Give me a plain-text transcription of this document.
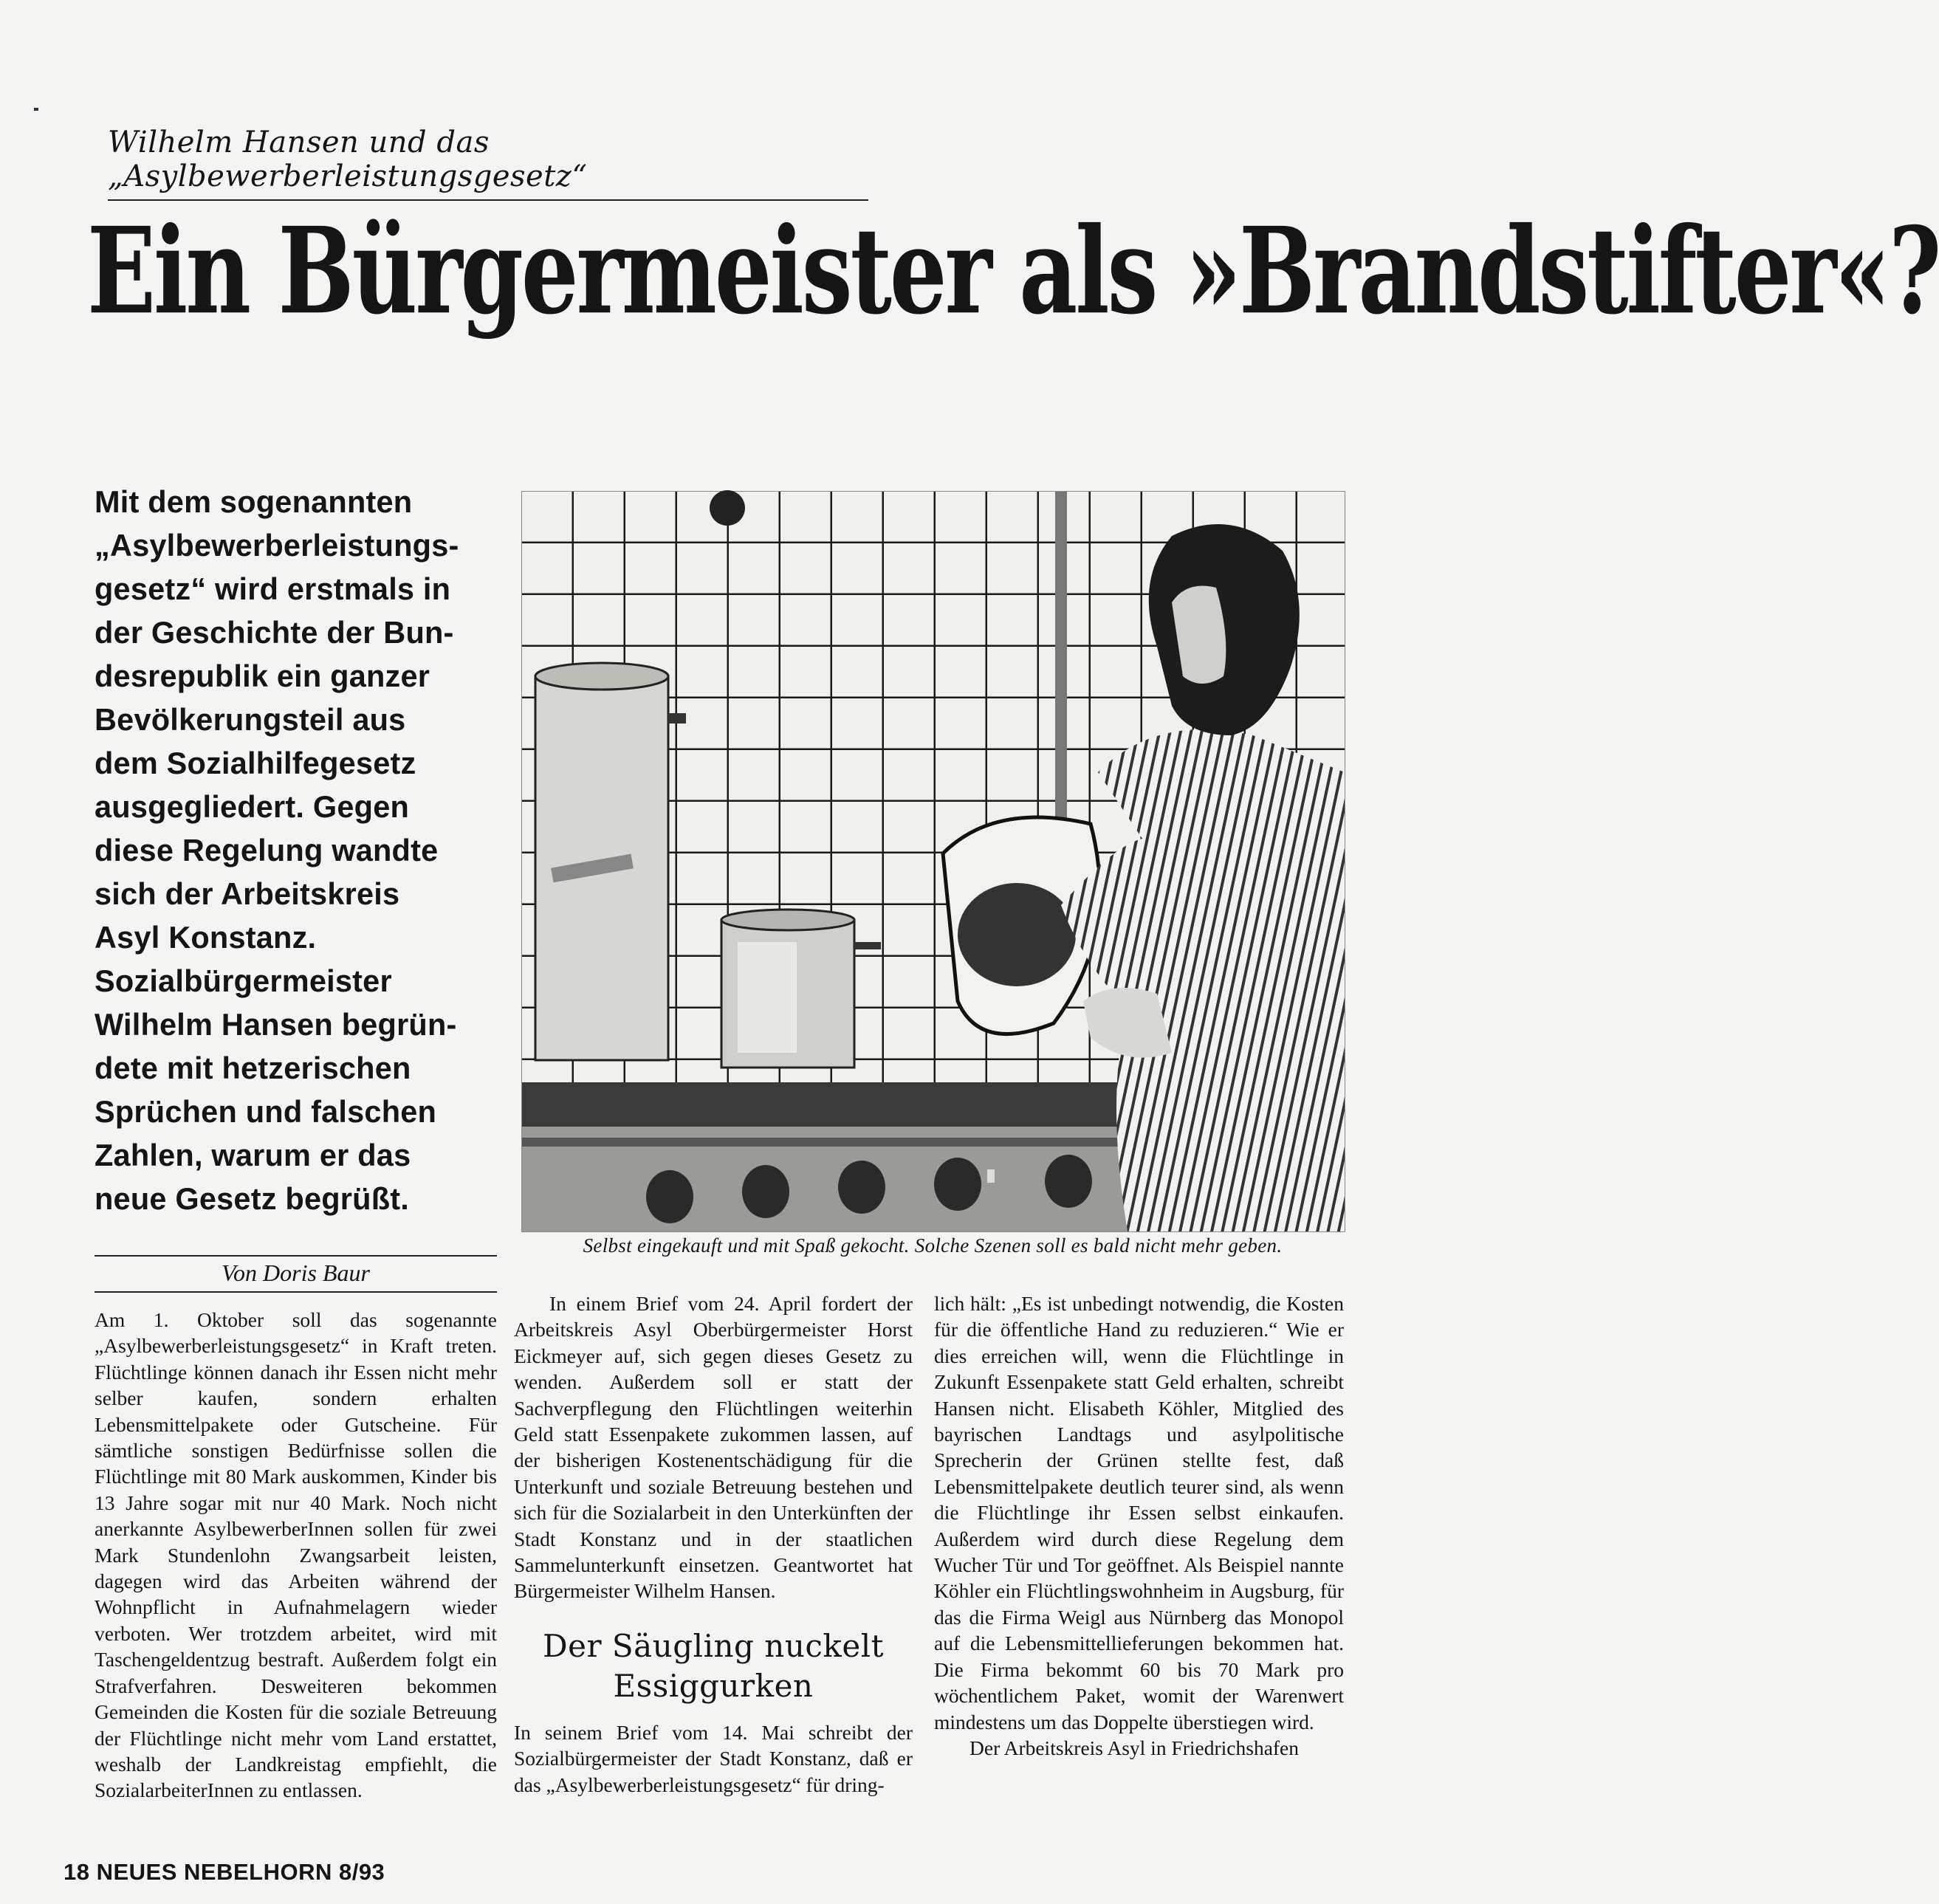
Wilhelm Hansen und das „Asylbewerberleistungsgesetz“
Ein Bürgermeister als »Brandstifter«?
Mit dem sogenannten
„Asylbewerberleistungs-
gesetz“ wird erstmals in
der Geschichte der Bun-
desrepublik ein ganzer
Bevölkerungsteil aus
dem Sozialhilfegesetz
ausgegliedert. Gegen
diese Regelung wandte
sich der Arbeitskreis
Asyl Konstanz.
Sozialbürgermeister
Wilhelm Hansen begrün-
dete mit hetzerischen
Sprüchen und falschen
Zahlen, warum er das
neue Gesetz begrüßt.
Selbst eingekauft und mit Spaß gekocht. Solche Szenen soll es bald nicht mehr geben.
Von Doris Baur

Am 1. Oktober soll das sogenannte „Asylbewerberleistungsgesetz“ in Kraft treten. Flüchtlinge können danach ihr Essen nicht mehr selber kaufen, sondern erhalten Lebensmittelpakete oder Gutscheine. Für sämtliche sonstigen Bedürfnisse sollen die Flüchtlinge mit 80 Mark auskommen, Kinder bis 13 Jahre sogar mit nur 40 Mark. Noch nicht anerkannte AsylbewerberInnen sollen für zwei Mark Stundenlohn Zwangsarbeit leisten, dagegen wird das Arbeiten während der Wohnpflicht in Aufnahmelagern wieder verboten. Wer trotzdem arbeitet, wird mit Taschengeldentzug bestraft. Außerdem folgt ein Strafverfahren. Desweiteren bekommen Gemeinden die Kosten für die soziale Betreuung der Flüchtlinge nicht mehr vom Land erstattet, weshalb der Landkreistag empfiehlt, die SozialarbeiterInnen zu entlassen.

In einem Brief vom 24. April fordert der Arbeitskreis Asyl Oberbürgermeister Horst Eickmeyer auf, sich gegen dieses Gesetz zu wenden. Außerdem soll er statt der Sachverpflegung den Flüchtlingen weiterhin Geld statt Essenpakete zukommen lassen, auf der bisherigen Kostenentschädigung für die Unterkunft und soziale Betreuung bestehen und sich für die Sozialarbeit in den Unterkünften der Stadt Konstanz und in der staatlichen Sammelunterkunft einsetzen. Geantwortet hat Bürgermeister Wilhelm Hansen.

Der Säugling nuckelt Essiggurken

In seinem Brief vom 14. Mai schreibt der Sozialbürgermeister der Stadt Konstanz, daß er das „Asylbewerberleistungsgesetz“ für dring-

lich hält: „Es ist unbedingt notwendig, die Kosten für die öffentliche Hand zu reduzieren.“ Wie er dies erreichen will, wenn die Flüchtlinge in Zukunft Essenpakete statt Geld erhalten, schreibt Hansen nicht. Elisabeth Köhler, Mitglied des bayrischen Landtags und asylpolitische Sprecherin der Grünen stellte fest, daß Lebensmittelpakete deutlich teurer sind, als wenn die Flüchtlinge ihr Essen selbst einkaufen. Außerdem wird durch diese Regelung dem Wucher Tür und Tor geöffnet. Als Beispiel nannte Köhler ein Flüchtlingswohnheim in Augsburg, für das die Firma Weigl aus Nürnberg das Monopol auf die Lebensmittellieferungen bekommen hat. Die Firma bekommt 60 bis 70 Mark pro wöchentlichem Paket, womit der Warenwert mindestens um das Doppelte überstiegen wird.

Der Arbeitskreis Asyl in Friedrichshafen

18 NEUES NEBELHORN 8/93
